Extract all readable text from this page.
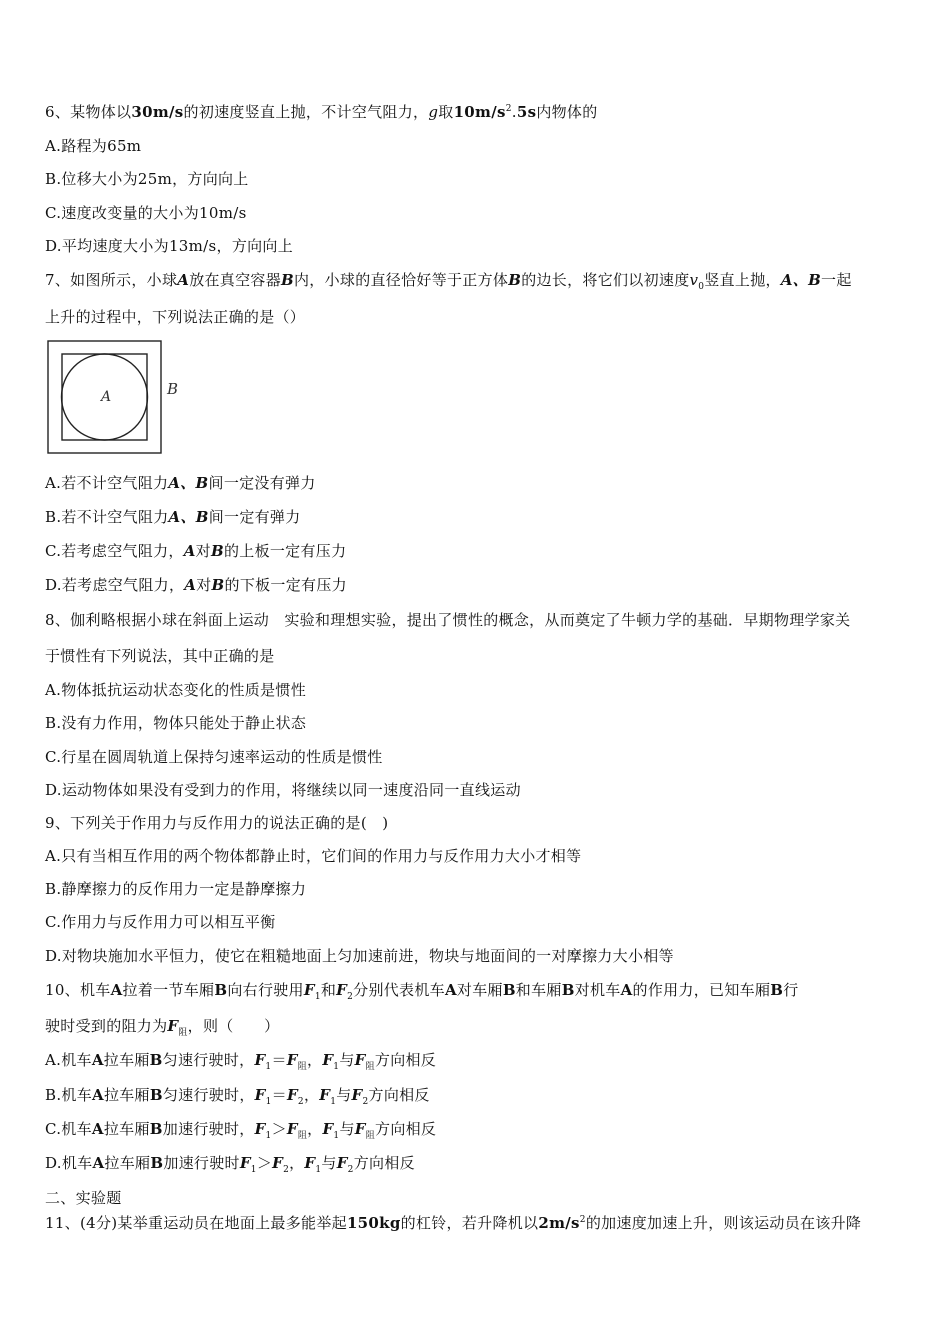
6、某物体以30m/s的初速度竖直上抛，不计空气阻力，g取$10m/s^2.5s$内物体的
A.路程为65m
B.位移大小为25m，方向向上
C.速度改变量的大小为10m/s
D.平均速度大小为13m/s，方向向上
7、如图所示，小球A放在真空容器B内，小球的直径恰好等于正方体B的边长，将它们以初速度$v_0$竖直上抛，A、B一起
上升的过程中，下列说法正确的是（）
A	B
A.若不计空气阻力A、B间一定没有弹力
B.若不计空气阻力A、B间一定有弹力
C.若考虑空气阻力，A对B的上板一定有压力
D.若考虑空气阻力，A对B的下板一定有压力
8、伽利略根据小球在斜面上运动　实验和理想实验，提出了惯性的概念，从而奠定了牛顿力学的基础．早期物理学家关
于惯性有下列说法，其中正确的是
A.物体抵抗运动状态变化的性质是惯性
B.没有力作用，物体只能处于静止状态
C.行星在圆周轨道上保持匀速率运动的性质是惯性
D.运动物体如果没有受到力的作用，将继续以同一速度沿同一直线运动
9、下列关于作用力与反作用力的说法正确的是(　)
A.只有当相互作用的两个物体都静止时，它们间的作用力与反作用力大小才相等
B.静摩擦力的反作用力一定是静摩擦力
C.作用力与反作用力可以相互平衡
D.对物块施加水平恒力，使它在粗糙地面上匀加速前进，物块与地面间的一对摩擦力大小相等
10、机车A拉着一节车厢B向右行驶用$F_1$和$F_2$分别代表机车A对车厢B和车厢B对机车A的作用力，已知车厢B行
驶时受到的阻力为$F_阻$，则（　　）
A.机车A拉车厢B匀速行驶时，$F_1=F_阻$，$F_1$与$F_阻$方向相反
B.机车A拉车厢B匀速行驶时，$F_1=F_2$，$F_1$与$F_2$方向相反
C.机车A拉车厢B加速行驶时，$F_1>F_阻$，$F_1$与$F_阻$方向相反
D.机车A拉车厢B加速行驶时$F_1>F_2$，$F_1$与$F_2$方向相反
二、实验题
11、(4分)某举重运动员在地面上最多能举起150kg的杠铃，若升降机以$2m/s^2$的加速度加速上升，则该运动员在该升降
